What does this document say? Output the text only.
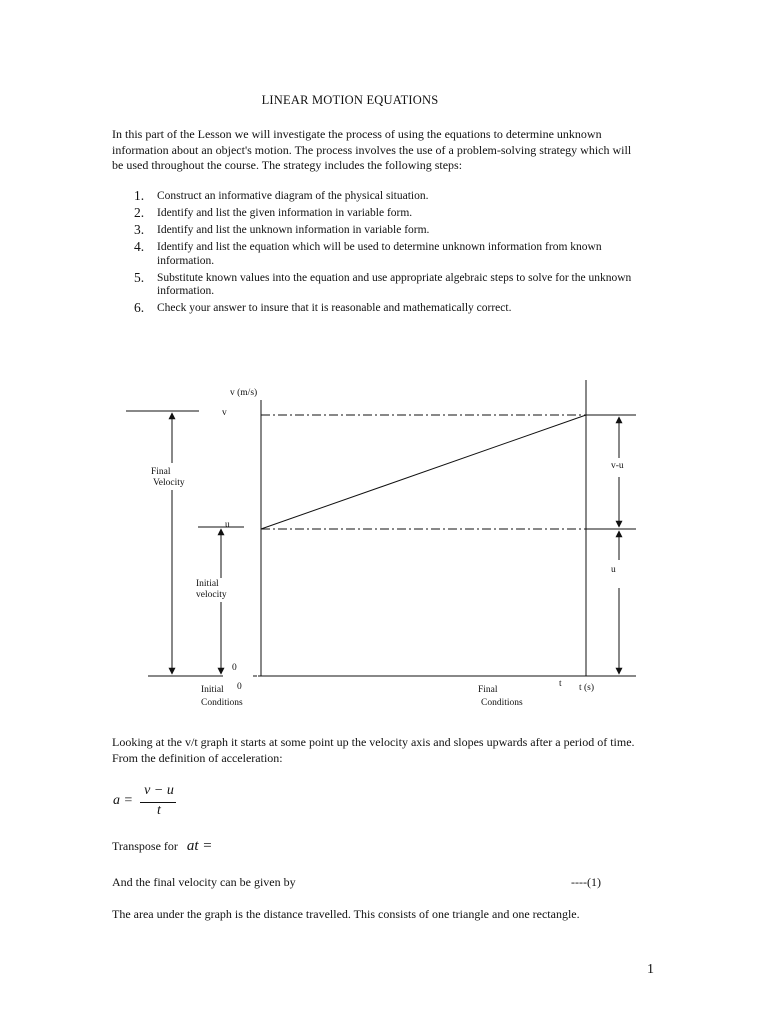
LINEAR MOTION EQUATIONS
In this part of the Lesson we will investigate the process of using the equations to determine unknown information about an object's motion. The process involves the use of a problem-solving strategy which will be used throughout the course. The strategy includes the following steps:
1. Construct an informative diagram of the physical situation.
2. Identify and list the given information in variable form.
3. Identify and list the unknown information in variable form.
4. Identify and list the equation which will be used to determine unknown information from known information.
5. Substitute known values into the equation and use appropriate algebraic steps to solve for the unknown information.
6. Check your answer to insure that it is reasonable and mathematically correct.
v (m/s)
v
u
0
0	t t (s)
Final
Velocity
Initial
velocity
Initial
Conditions
Final
Conditions
v-u
u
Looking at the v/t graph it starts at some point up the velocity axis and slopes upwards after a period of time. From the definition of acceleration:
a =
v − u
t
Transpose for at =
And the final velocity can be given by	----(1)
The area under the graph is the distance travelled. This consists of one triangle and one rectangle.
1
